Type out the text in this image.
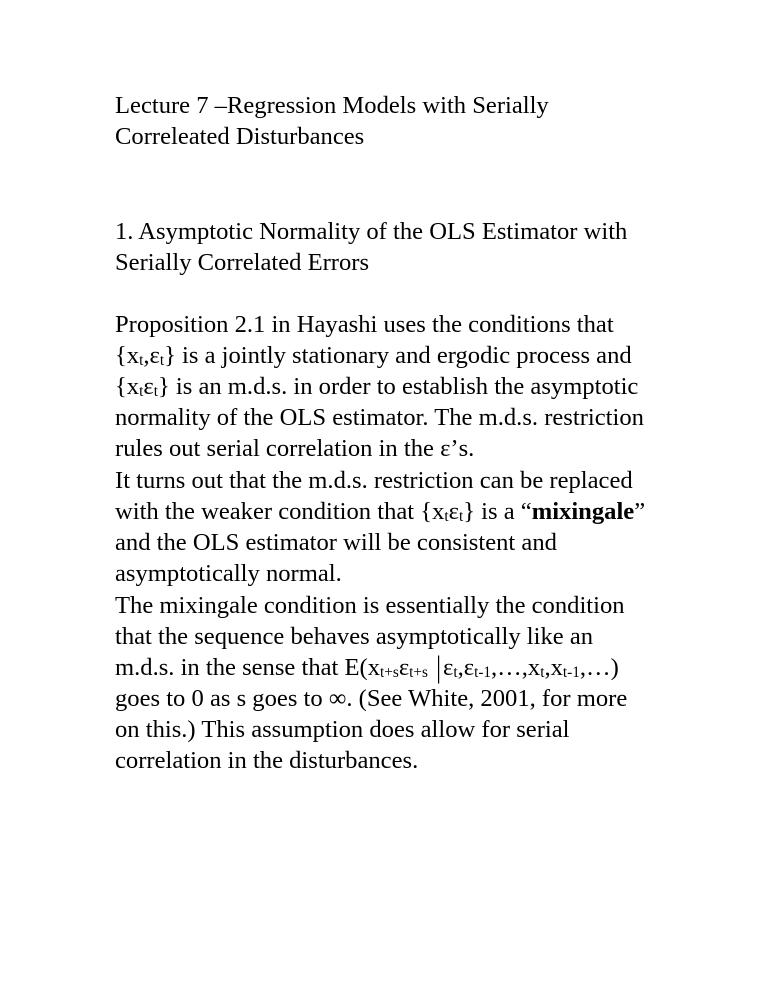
Lecture 7 –Regression Models with Serially
Correleated Disturbances
1. Asymptotic Normality of the OLS Estimator with
Serially Correlated Errors
Proposition 2.1 in Hayashi uses the conditions that
$\{x_t,\varepsilon_t\}$ is a jointly stationary and ergodic process and
$\{x_t\varepsilon_t\}$ is an m.d.s. in order to establish the asymptotic
normality of the OLS estimator. The m.d.s. restriction
rules out serial correlation in the ε’s.
It turns out that the m.d.s. restriction can be replaced
with the weaker condition that $\{x_t\varepsilon_t\}$ is a “mixingale”
and the OLS estimator will be consistent and
asymptotically normal.
The mixingale condition is essentially the condition
that the sequence behaves asymptotically like an
m.d.s. in the sense that $E(x_{t+s}\varepsilon_{t+s}$ $|\varepsilon_t,\varepsilon_{t-1},\dots,x_t,x_{t-1},\dots$)
goes to 0 as s goes to ∞. (See White, 2001, for more
on this.) This assumption does allow for serial
correlation in the disturbances.
